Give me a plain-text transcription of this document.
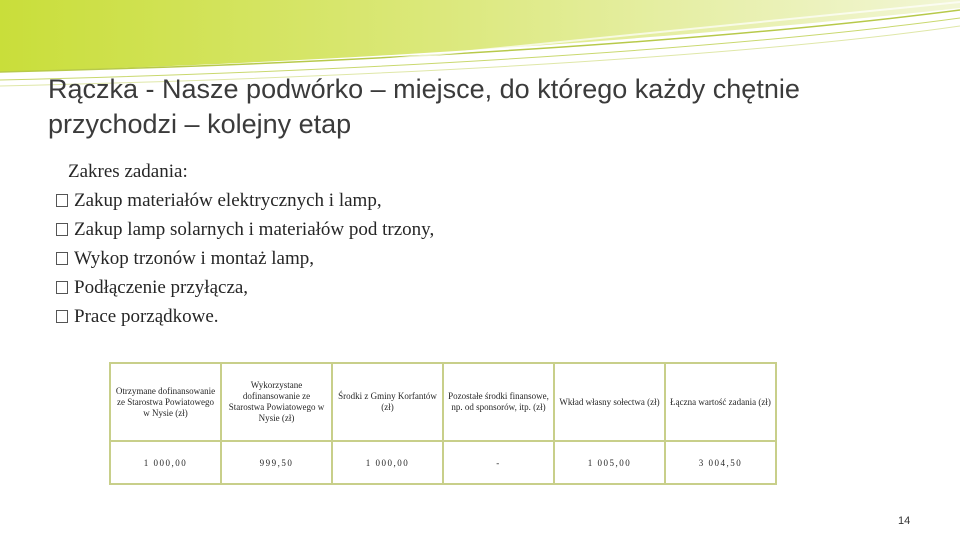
Rączka - Nasze podwórko – miejsce, do którego każdy chętnie przychodzi – kolejny etap
Zakres zadania:
Zakup materiałów elektrycznych i lamp,
Zakup lamp solarnych i materiałów pod trzony,
Wykop trzonów i montaż lamp,
Podłączenie przyłącza,
Prace porządkowe.
Otrzymane dofinansowanie ze Starostwa Powiatowego w Nysie (zł)	Wykorzystane dofinansowanie ze Starostwa Powiatowego w Nysie (zł)	Środki z Gminy Korfantów (zł)	Pozostałe środki finansowe, np. od sponsorów, itp. (zł)	Wkład własny sołectwa (zł)	Łączna wartość zadania (zł)
1 000,00	999,50	1 000,00	-	1 005,00	3 004,50
14
